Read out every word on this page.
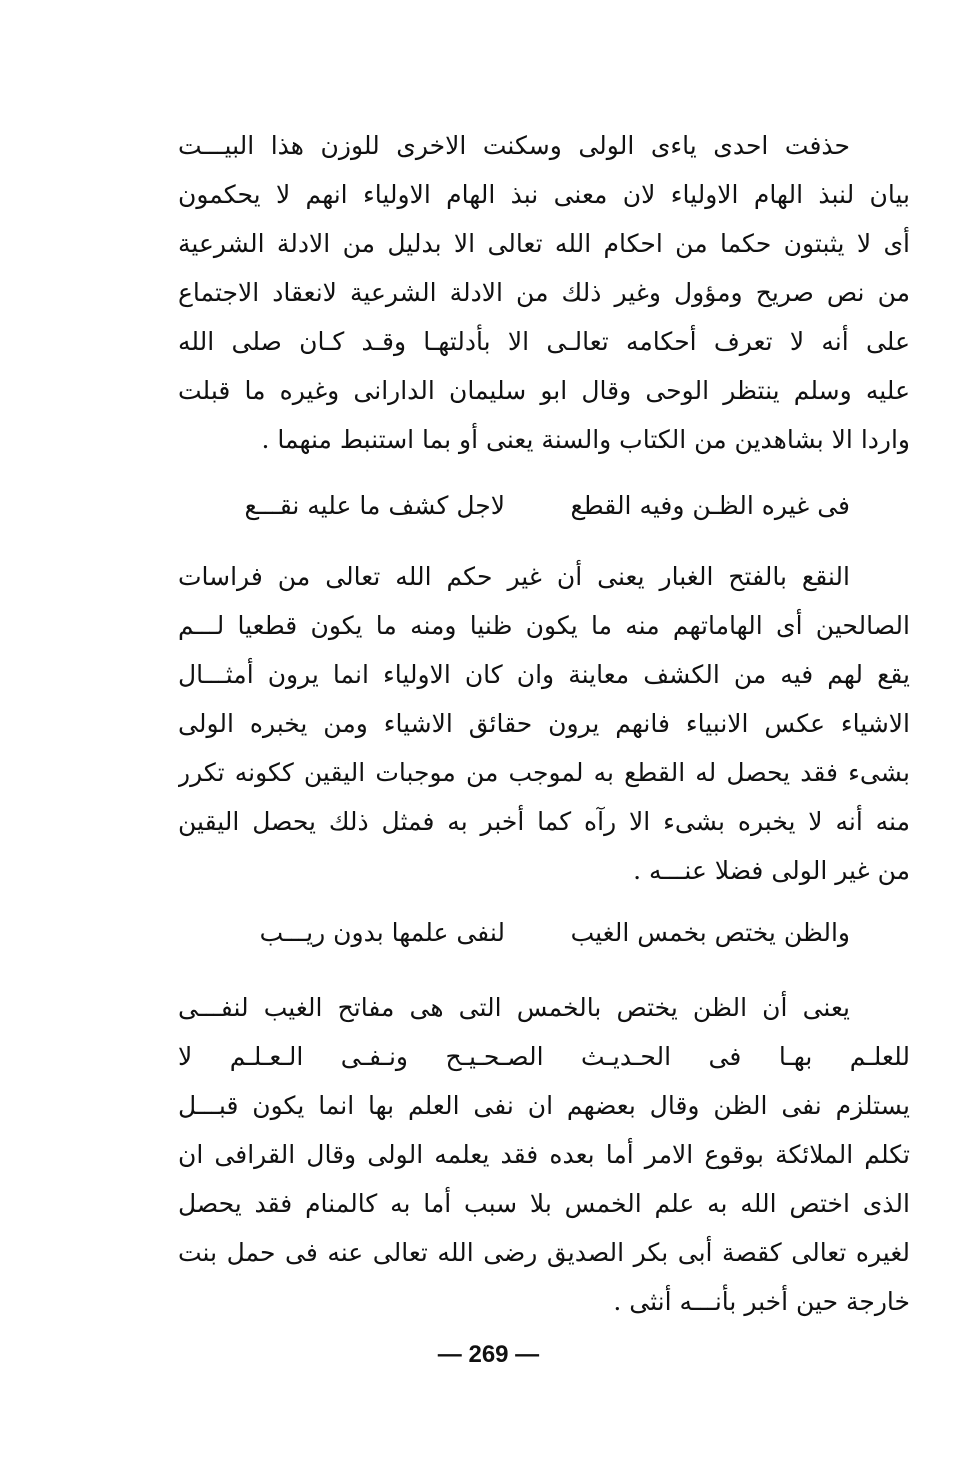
حذفت احدى ياءى الولى وسكنت الاخرى للوزن هذا البيـــت
بيان لنبذ الهام الاولياء لان معنى نبذ الهام الاولياء انهم لا يحكمون
أى لا يثبتون حكما من احكام الله تعالى الا بدليل من الادلة الشرعية
من نص صريح ومؤول وغير ذلك من الادلة الشرعية لانعقاد الاجتماع
على أنه لا تعرف أحكامه تعالـى الا بأدلتهـا وقـد كـان صلى الله
عليه وسلم ينتظر الوحى وقال ابو سليمان الدارانى وغيره ما قبلت
واردا الا بشاهدين من الكتاب والسنة يعنى أو بما استنبط منهما .
فى غيره الظـن وفيه القطع
لاجل كشف ما عليه نقـــع
النقع بالفتح الغبار يعنى أن غير حكم الله تعالى من فراسات
الصالحين أى الهاماتهم منه ما يكون ظنيا ومنه ما يكون قطعيا لـــم
يقع لهم فيه من الكشف معاينة وان كان الاولياء انما يرون أمثـــال
الاشياء عكس الانبياء فانهم يرون حقائق الاشياء ومن يخبره الولى
بشىء فقد يحصل له القطع به لموجب من موجبات اليقين ككونه تكرر
منه أنه لا يخبره بشىء الا رآه كما أخبر به فمثل ذلك يحصل اليقين
من غير الولى فضلا عنـــه .
والظن يختص بخمس الغيب
لنفى علمها بدون ريـــب
يعنى أن الظن يختص بالخمس التى هى مفاتح الغيب لنفـــى
للعلـم بهـا فى الحـديـث الصـحـيـح ونـفـى الـعـلـم لا
يستلزم نفى الظن وقال بعضهم ان نفى العلم بها انما يكون قبـــل
تكلم الملائكة بوقوع الامر أما بعده فقد يعلمه الولى وقال القرافى ان
الذى اختص الله به علم الخمس بلا سبب أما به كالمنام فقد يحصل
لغيره تعالى كقصة أبى بكر الصديق رضى الله تعالى عنه فى حمل بنت
خارجة حين أخبر بأنـــه أنثى .
— 269 —
